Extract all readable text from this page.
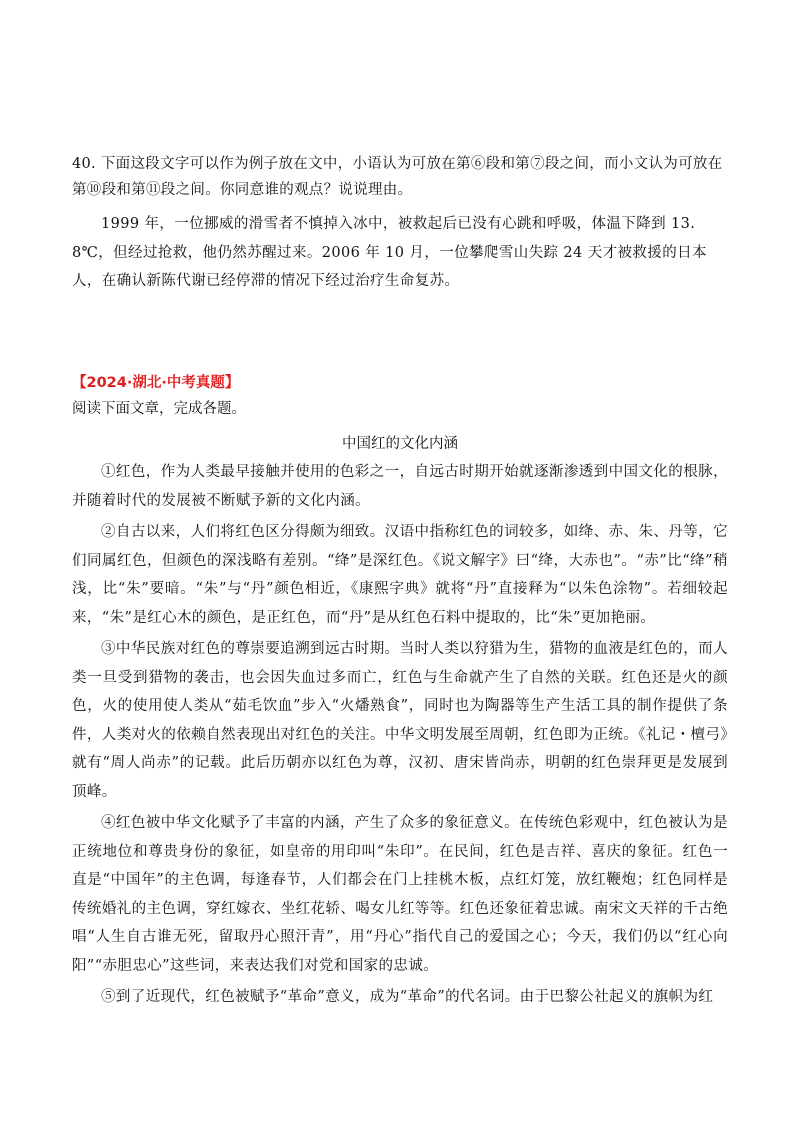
40. 下面这段文字可以作为例子放在文中，小语认为可放在第⑥段和第⑦段之间，而小文认为可放在第⑩段和第⑪段之间。你同意谁的观点？说说理由。

1999 年，一位挪威的滑雪者不慎掉入冰中，被救起后已没有心跳和呼吸，体温下降到 13. 8℃，但经过抢救，他仍然苏醒过来。2006 年 10 月，一位攀爬雪山失踪 24 天才被救援的日本人，在确认新陈代谢已经停滞的情况下经过治疗生命复苏。

【2024·湖北·中考真题】

阅读下面文章，完成各题。

中国红的文化内涵

①红色，作为人类最早接触并使用的色彩之一，自远古时期开始就逐渐渗透到中国文化的根脉，并随着时代的发展被不断赋予新的文化内涵。

②自古以来，人们将红色区分得颇为细致。汉语中指称红色的词较多，如绛、赤、朱、丹等，它们同属红色，但颜色的深浅略有差别。“绛”是深红色。《说文解字》曰“绛，大赤也”。“赤”比“绛”稍浅，比“朱”要暗。“朱”与“丹”颜色相近，《康熙字典》就将“丹”直接释为“以朱色涂物”。若细较起来，“朱”是红心木的颜色，是正红色，而“丹”是从红色石料中提取的，比“朱”更加艳丽。

③中华民族对红色的尊崇要追溯到远古时期。当时人类以狩猎为生，猎物的血液是红色的，而人类一旦受到猎物的袭击，也会因失血过多而亡，红色与生命就产生了自然的关联。红色还是火的颜色，火的使用使人类从“茹毛饮血”步入“火燔熟食”，同时也为陶器等生产生活工具的制作提供了条件，人类对火的依赖自然表现出对红色的关注。中华文明发展至周朝，红色即为正统。《礼记・檀弓》就有“周人尚赤”的记载。此后历朝亦以红色为尊，汉初、唐宋皆尚赤，明朝的红色崇拜更是发展到顶峰。

④红色被中华文化赋予了丰富的内涵，产生了众多的象征意义。在传统色彩观中，红色被认为是正统地位和尊贵身份的象征，如皇帝的用印叫“朱印”。在民间，红色是吉祥、喜庆的象征。红色一直是“中国年”的主色调，每逢春节，人们都会在门上挂桃木板，点红灯笼，放红鞭炮；红色同样是传统婚礼的主色调，穿红嫁衣、坐红花轿、喝女儿红等等。红色还象征着忠诚。南宋文天祥的千古绝唱“人生自古谁无死，留取丹心照汗青”，用“丹心”指代自己的爱国之心；今天，我们仍以“红心向阳”“赤胆忠心”这些词，来表达我们对党和国家的忠诚。

⑤到了近现代，红色被赋予“革命”意义，成为“革命”的代名词。由于巴黎公社起义的旗帜为红
